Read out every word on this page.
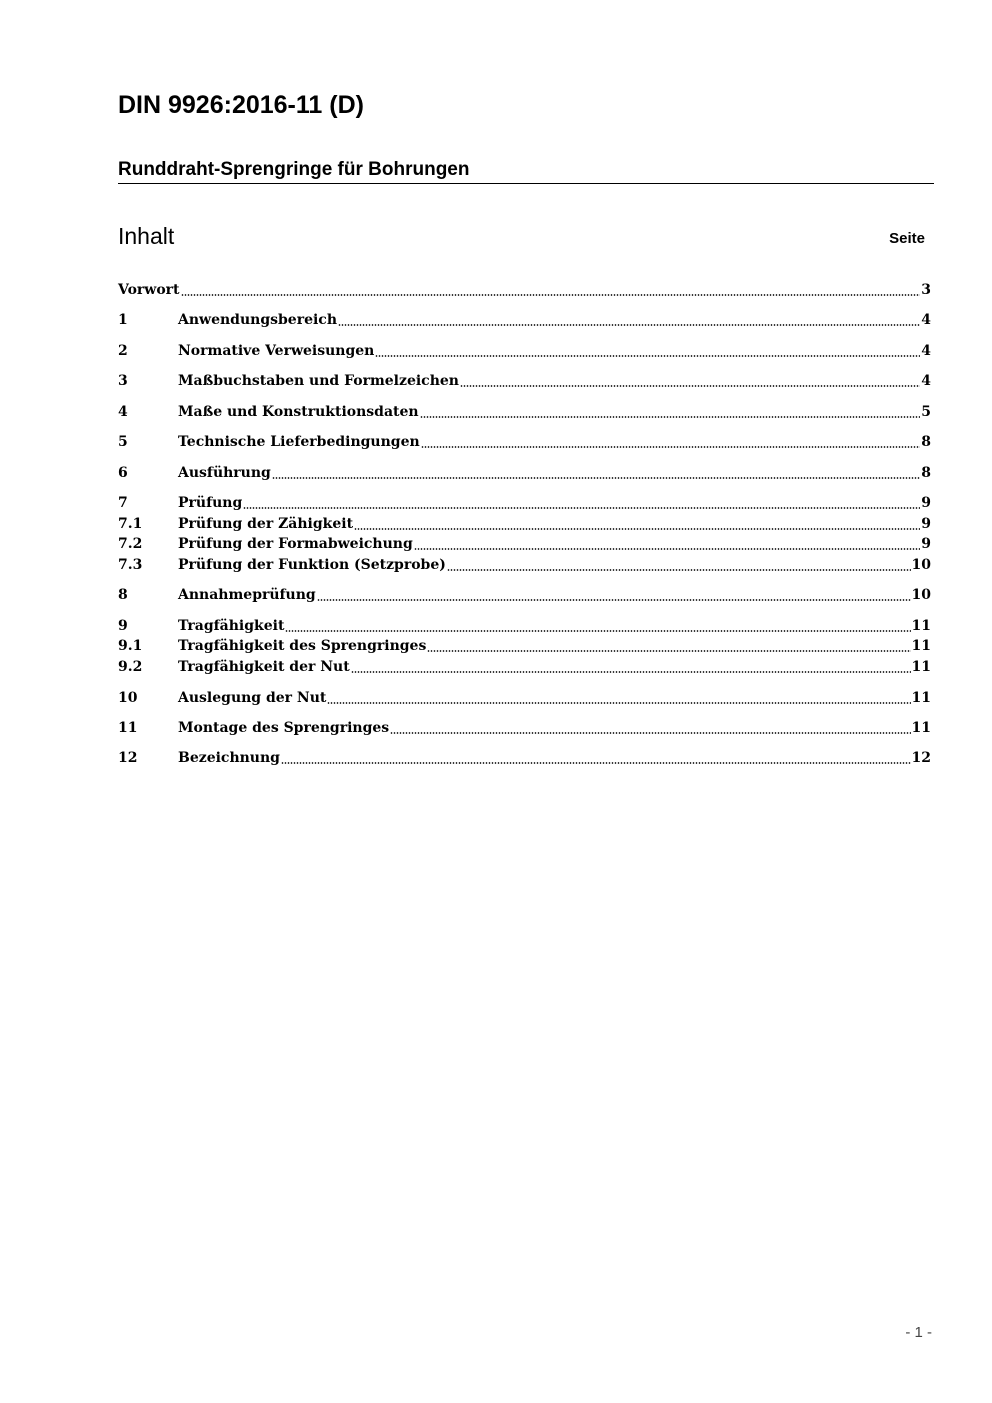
DIN 9926:2016-11 (D)
Runddraht-Sprengringe für Bohrungen
Inhalt	Seite
Vorwort	3
1	Anwendungsbereich	4
2	Normative Verweisungen	4
3	Maßbuchstaben und Formelzeichen	4
4	Maße und Konstruktionsdaten	5
5	Technische Lieferbedingungen	8
6	Ausführung	8
7	Prüfung	9
7.1	Prüfung der Zähigkeit	9
7.2	Prüfung der Formabweichung	9
7.3	Prüfung der Funktion (Setzprobe)	10
8	Annahmeprüfung	10
9	Tragfähigkeit	11
9.1	Tragfähigkeit des Sprengringes	11
9.2	Tragfähigkeit der Nut	11
10	Auslegung der Nut	11
11	Montage des Sprengringes	11
12	Bezeichnung	12
- 1 -
